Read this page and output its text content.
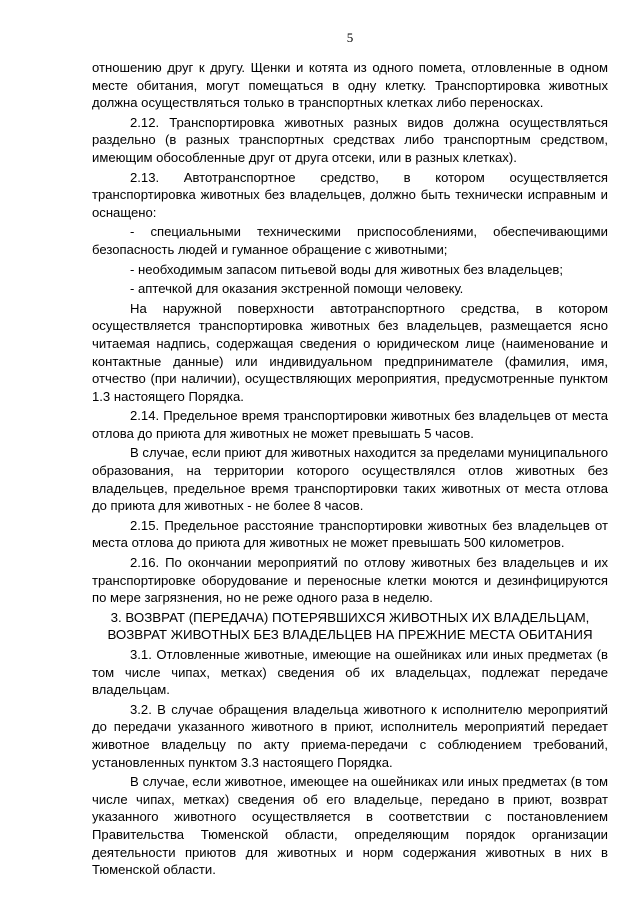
5

отношению друг к другу. Щенки и котята из одного помета, отловленные в одном месте обитания, могут помещаться в одну клетку. Транспортировка животных должна осуществляться только в транспортных клетках либо переносках.

2.12. Транспортировка животных разных видов должна осуществляться раздельно (в разных транспортных средствах либо транспортным средством, имеющим обособленные друг от друга отсеки, или в разных клетках).

2.13. Автотранспортное средство, в котором осуществляется транспортировка животных без владельцев, должно быть технически исправным и оснащено:

- специальными техническими приспособлениями, обеспечивающими безопасность людей и гуманное обращение с животными;

- необходимым запасом питьевой воды для животных без владельцев;

- аптечкой для оказания экстренной помощи человеку.

На наружной поверхности автотранспортного средства, в котором осуществляется транспортировка животных без владельцев, размещается ясно читаемая надпись, содержащая сведения о юридическом лице (наименование и контактные данные) или индивидуальном предпринимателе (фамилия, имя, отчество (при наличии), осуществляющих мероприятия, предусмотренные пунктом 1.3 настоящего Порядка.

2.14. Предельное время транспортировки животных без владельцев от места отлова до приюта для животных не может превышать 5 часов.

В случае, если приют для животных находится за пределами муниципального образования, на территории которого осуществлялся отлов животных без владельцев, предельное время транспортировки таких животных от места отлова до приюта для животных - не более 8 часов.

2.15. Предельное расстояние транспортировки животных без владельцев от места отлова до приюта для животных не может превышать 500 километров.

2.16. По окончании мероприятий по отлову животных без владельцев и их транспортировке оборудование и переносные клетки моются и дезинфицируются по мере загрязнения, но не реже одного раза в неделю.

3. ВОЗВРАТ (ПЕРЕДАЧА) ПОТЕРЯВШИХСЯ ЖИВОТНЫХ ИХ ВЛАДЕЛЬЦАМ,
ВОЗВРАТ ЖИВОТНЫХ БЕЗ ВЛАДЕЛЬЦЕВ НА ПРЕЖНИЕ МЕСТА ОБИТАНИЯ

3.1. Отловленные животные, имеющие на ошейниках или иных предметах (в том числе чипах, метках) сведения об их владельцах, подлежат передаче владельцам.

3.2. В случае обращения владельца животного к исполнителю мероприятий до передачи указанного животного в приют, исполнитель мероприятий передает животное владельцу по акту приема-передачи с соблюдением требований, установленных пунктом 3.3 настоящего Порядка.

В случае, если животное, имеющее на ошейниках или иных предметах (в том числе чипах, метках) сведения об его владельце, передано в приют, возврат указанного животного осуществляется в соответствии с постановлением Правительства Тюменской области, определяющим порядок организации деятельности приютов для животных и норм содержания животных в них в Тюменской области.
